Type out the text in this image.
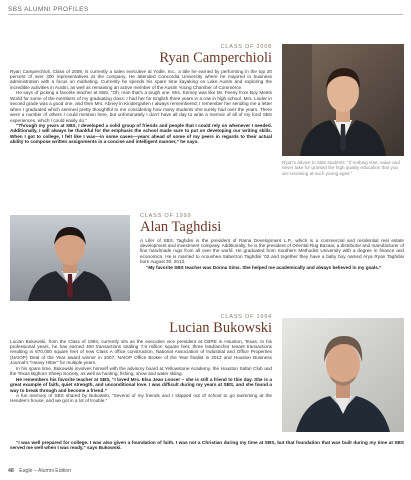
SBS ALUMNI PROFILES
CLASS OF 2008
Ryan Camperchioli

Ryan Camperchioli, Class of 2008, is currently a sales executive at Yodle, Inc., a title he earned by performing in the top 20 percent of over 300 representatives at the company. He attended Concordia University where he majored in business administration with a focus on marketing. Currently he spends his spare time kayaking on Lake Austin and exploring the incredible activities in Austin, as well as remaining an active member of the Austin Young Chamber of Commerce.

He says of picking a favorite teacher at SBS, “Oh, man that’s a tough one. Mrs. Kersey was like Mr. Feeny from Boy Meets World for some of the members of my graduating class; I had her for English three years in a row in high school. Mrs. Linder in second grade was a good one, and then Mrs. Abney in Kindergarten I always remembered; I remember her sending me a letter when I graduated which seemed pretty thoughtful to me considering how many students she surely had over the years. There were a number of others I could mention here, but unfortunately I don’t have all day to write a memoir of all of my fond SBS experiences, which I could easily do.”

“Through my years at SBS, I developed a solid group of friends and people that I could rely on whenever I needed. Additionally, I will always be thankful for the emphasis the school made sure to put on developing our writing skills. When I got to college, I felt like I was—in some cases—years ahead of some of my peers in regards to their actual ability to compose written assignments in a concise and intelligent manner,” he says.

Ryan’s advice to SBS students: “If nothing else, value and never take for granted the high quality education that you are receiving at such young ages.”
CLASS OF 1999
Alan Taghdisi

A Lifer of SBS, Taghdisi is the president of Rama Development L.P., which is a commercial and residential real estate development and investment company. Additionally, he is the president of Oriental Rug Bazaar, a distributor and manufacturer of fine handmade rugs from all over the world. He graduated from Southern Methodist University with a degree in finance and economics. He is married to Aroushea Saberzon Taghdisi ’02 and together they have a baby boy named Arya Ryan Taghdisi born August 30, 2013.

“My favorite SBS teacher was Donna Sims. She helped me academically and always believed in my goals.”

CLASS OF 1994
Lucian Bukowski

Lucian Bukowski, from the Class of 1994, currently sits as the executive vice president at CBRE in Houston, Texas. In his professional years, he has earned 400 transactions totaling 7.6 million square feet, three lead/anchor tenant transactions resulting in 870,000 square feet of new Class A office construction, National Association of Industrial and Office Properties (NAIOP) Deal of the Year award winner in 2007, NAIOP Office Broker of the Year finalist in 2012 and Houston Business Journal’s “Heavy Hitter” for multiple years.

In his spare time, Bukowski involves himself with the advisory board at Yellowstone Academy, the Houston Safari Club and the Texas Bighorn Sheep Society, as well as hunting, fishing, snow and water skiing.

He remembers his favorite teacher at SBS, “I loved Mrs. Elsa Jean Looser – she is still a friend to this day. She is a great example of faith, quiet strength, and unconditional love. I was difficult during my years at SBS, and she found a way to break through and become a friend.”

A fun memory of SBS shared by Bukowski, “Several of my friends and I skipped out of school to go swimming at the Hendee’s house, and we got in a lot of trouble.”

“I was well prepared for college. I was also given a foundation of faith. I was not a Christian during my time at SBS, but that foundation that was built during my time at SBS served me well when I was ready,” says Bukowski.

48 Eagle – Alumni Edition
